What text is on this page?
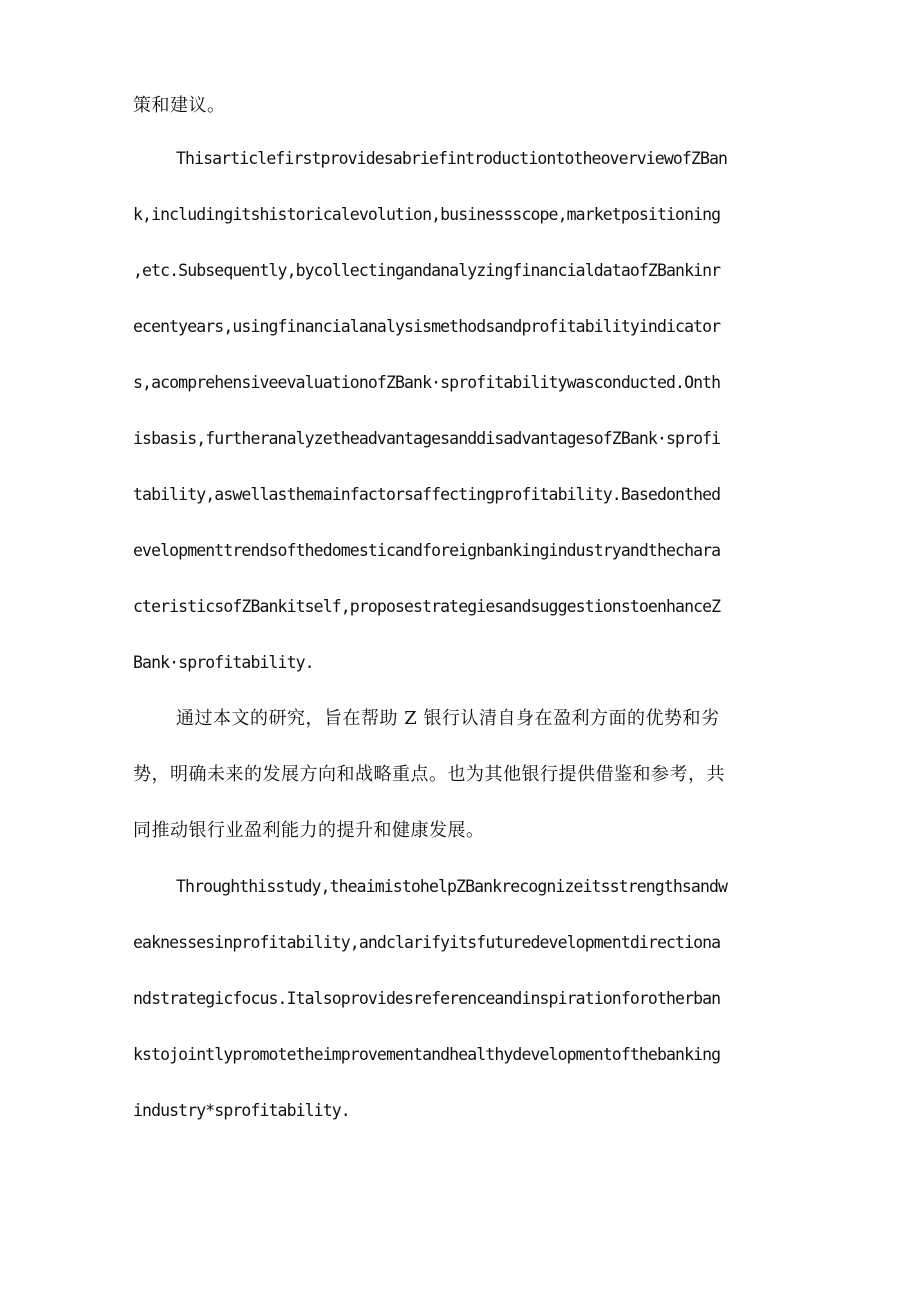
策和建议。

ThisarticlefirstprovidesabriefintroductiontotheoverviewofZBan

k,includingitshistoricalevolution,businessscope,marketpositioning

,etc.Subsequently,bycollectingandanalyzingfinancialdataofZBankinr

ecentyears,usingfinancialanalysismethodsandprofitabilityindicator

s,acomprehensiveevaluationofZBank·sprofitabilitywasconducted.Onth

isbasis,furtheranalyzetheadvantagesanddisadvantagesofZBank·sprofi

tability,aswellasthemainfactorsaffectingprofitability.Basedonthed

evelopmenttrendsofthedomesticandforeignbankingindustryandthechara

cteristicsofZBankitself,proposestrategiesandsuggestionstoenhanceZ

Bank·sprofitability.

通过本文的研究，旨在帮助 Z 银行认清自身在盈利方面的优势和劣

势，明确未来的发展方向和战略重点。也为其他银行提供借鉴和参考，共

同推动银行业盈利能力的提升和健康发展。

Throughthisstudy,theaimistohelpZBankrecognizeitsstrengthsandw

eaknessesinprofitability,andclarifyitsfuturedevelopmentdirectiona

ndstrategicfocus.Italsoprovidesreferenceandinspirationforotherban

kstojointlypromotetheimprovementandhealthydevelopmentofthebanking

industry*sprofitability.
